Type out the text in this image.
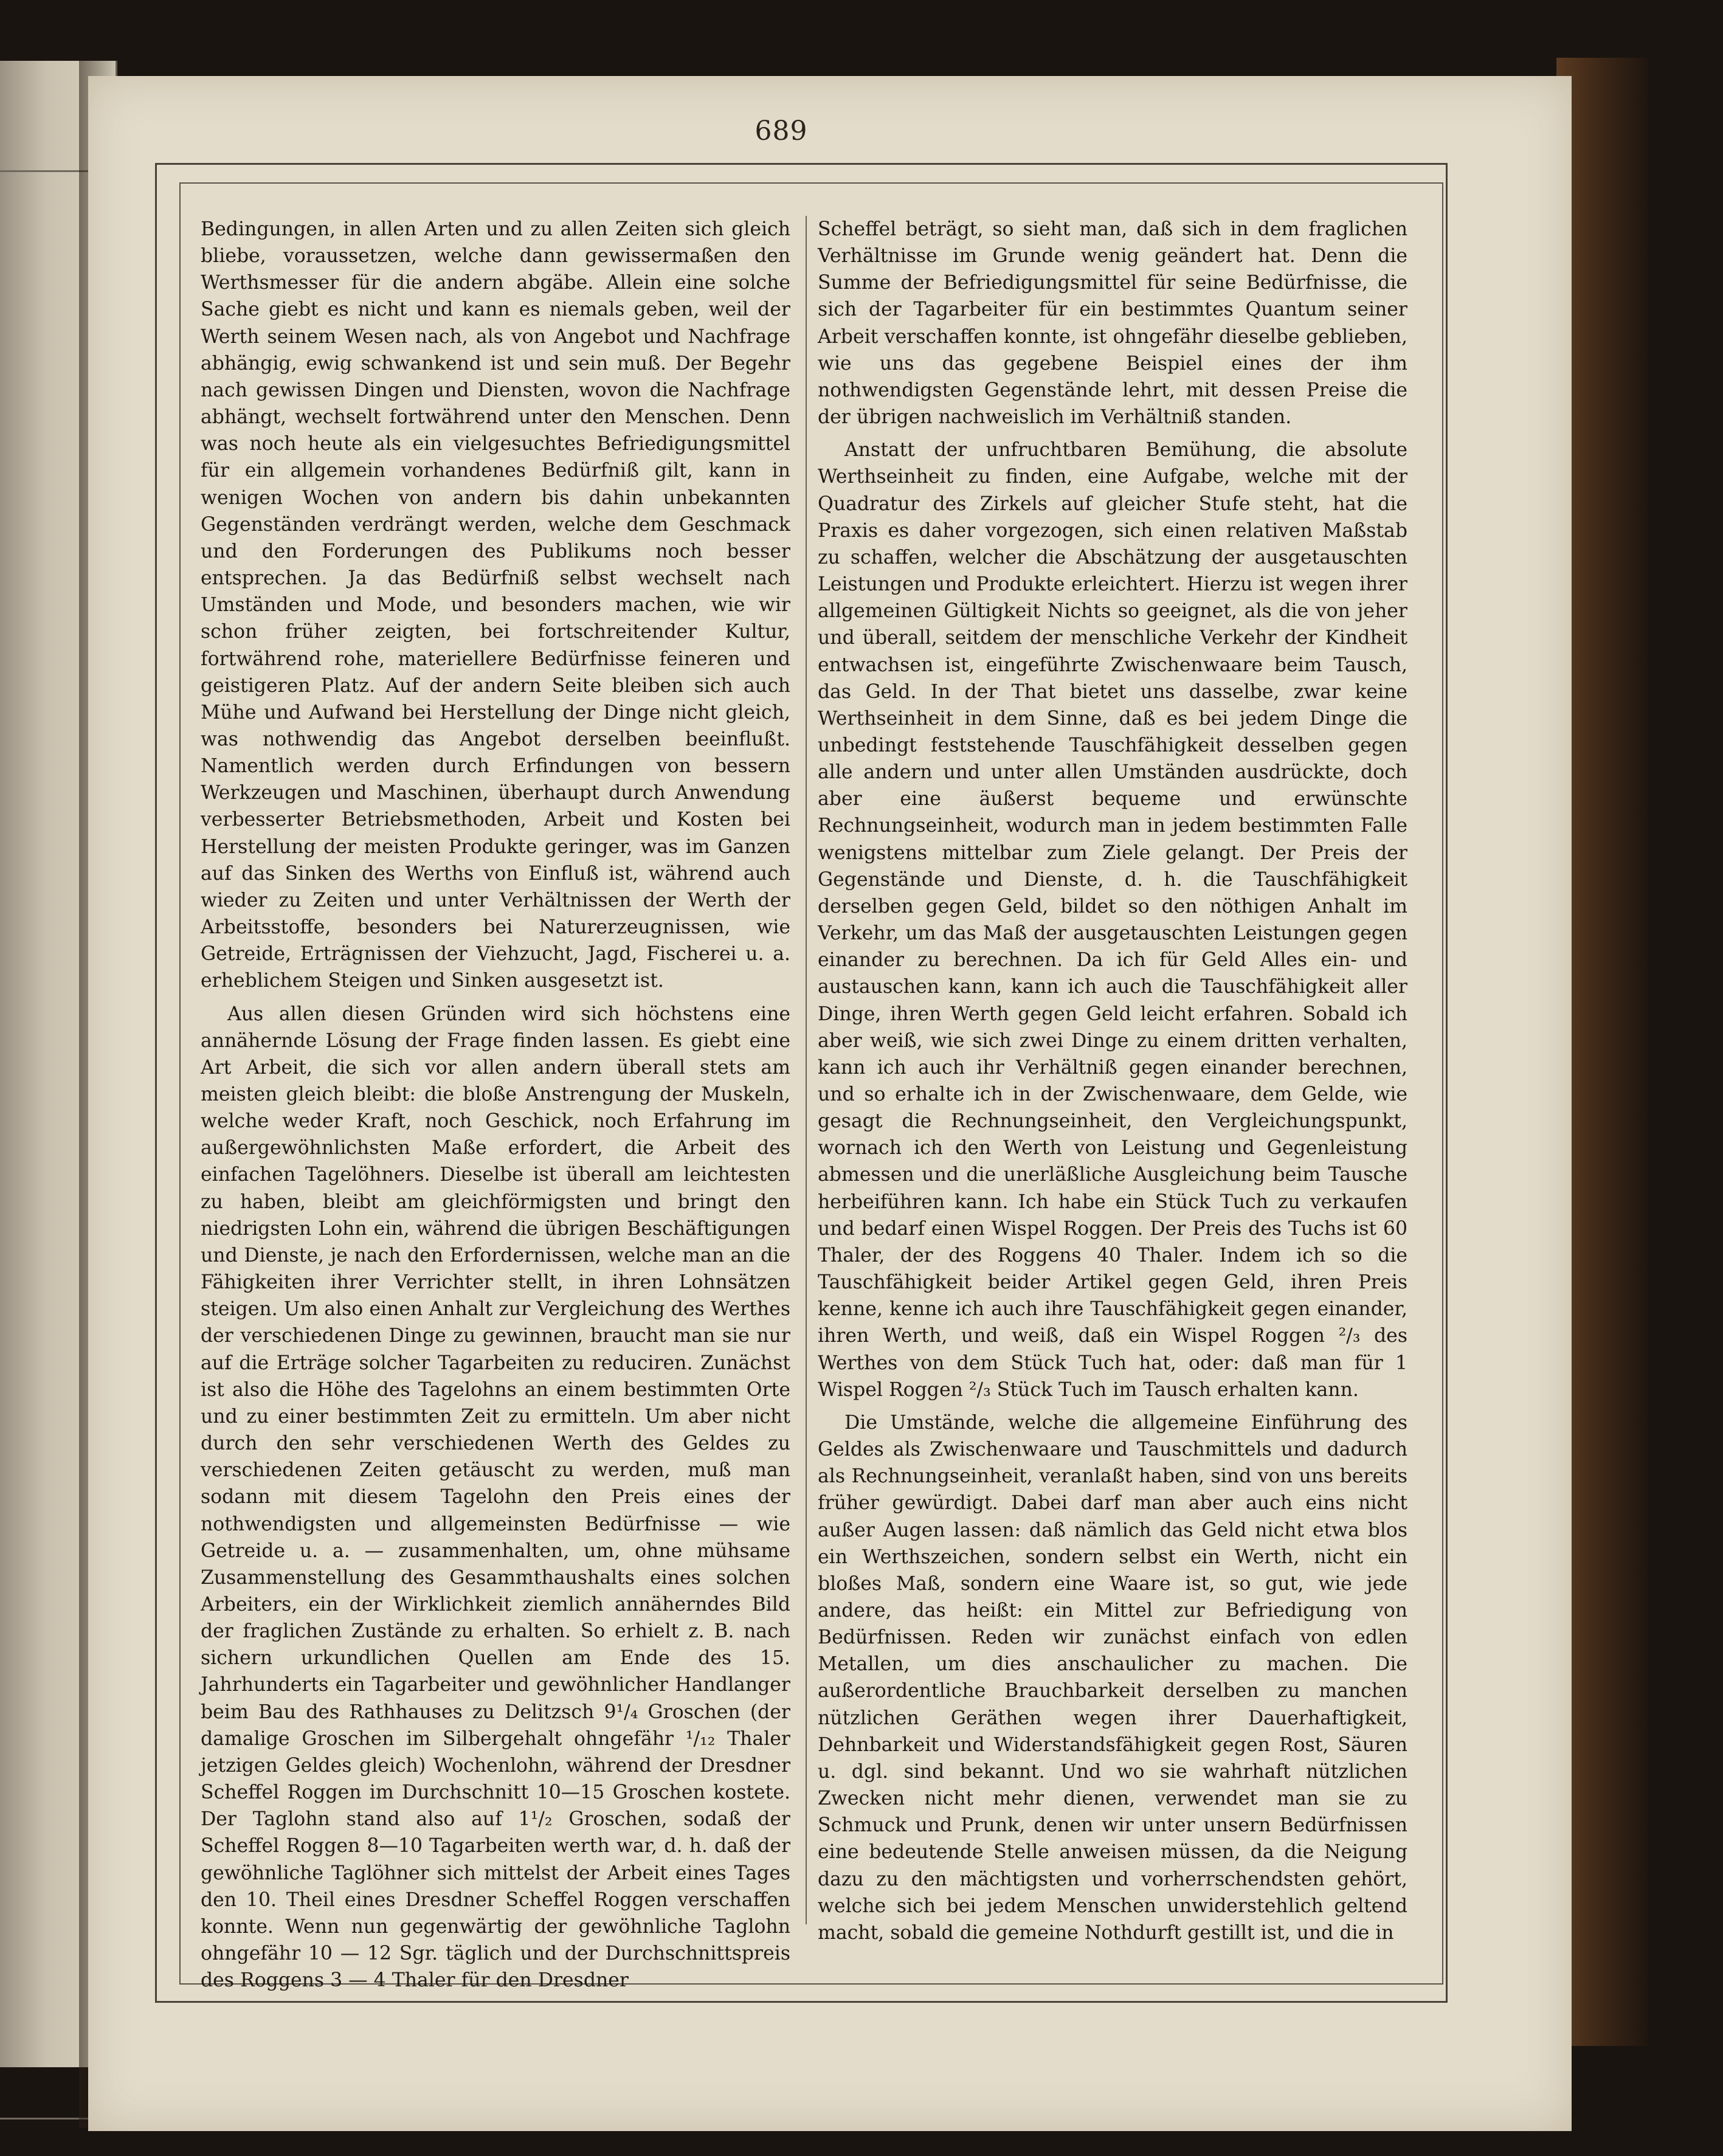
689

Bedingungen, in allen Arten und zu allen Zeiten sich gleich bliebe, voraussetzen, welche dann gewissermaßen den Werthsmesser für die andern abgäbe. Allein eine solche Sache giebt es nicht und kann es niemals geben, weil der Werth seinem Wesen nach, als von Angebot und Nachfrage abhängig, ewig schwankend ist und sein muß. Der Begehr nach gewissen Dingen und Diensten, wovon die Nachfrage abhängt, wechselt fortwährend unter den Menschen. Denn was noch heute als ein vielgesuchtes Befriedigungsmittel für ein allgemein vorhandenes Bedürfniß gilt, kann in wenigen Wochen von andern bis dahin unbekannten Gegenständen verdrängt werden, welche dem Geschmack und den Forderungen des Publikums noch besser entsprechen. Ja das Bedürfniß selbst wechselt nach Umständen und Mode, und besonders machen, wie wir schon früher zeigten, bei fortschreitender Kultur, fortwährend rohe, materiellere Bedürfnisse feineren und geistigeren Platz. Auf der andern Seite bleiben sich auch Mühe und Aufwand bei Herstellung der Dinge nicht gleich, was nothwendig das Angebot derselben beeinflußt. Namentlich werden durch Erfindungen von bessern Werkzeugen und Maschinen, überhaupt durch Anwendung verbesserter Betriebsmethoden, Arbeit und Kosten bei Herstellung der meisten Produkte geringer, was im Ganzen auf das Sinken des Werths von Einfluß ist, während auch wieder zu Zeiten und unter Verhältnissen der Werth der Arbeitsstoffe, besonders bei Naturerzeugnissen, wie Getreide, Erträgnissen der Viehzucht, Jagd, Fischerei u. a. erheblichem Steigen und Sinken ausgesetzt ist.

Aus allen diesen Gründen wird sich höchstens eine annähernde Lösung der Frage finden lassen. Es giebt eine Art Arbeit, die sich vor allen andern überall stets am meisten gleich bleibt: die bloße Anstrengung der Muskeln, welche weder Kraft, noch Geschick, noch Erfahrung im außergewöhnlichsten Maße erfordert, die Arbeit des einfachen Tagelöhners. Dieselbe ist überall am leichtesten zu haben, bleibt am gleichförmigsten und bringt den niedrigsten Lohn ein, während die übrigen Beschäftigungen und Dienste, je nach den Erfordernissen, welche man an die Fähigkeiten ihrer Verrichter stellt, in ihren Lohnsätzen steigen. Um also einen Anhalt zur Vergleichung des Werthes der verschiedenen Dinge zu gewinnen, braucht man sie nur auf die Erträge solcher Tagarbeiten zu reduciren. Zunächst ist also die Höhe des Tagelohns an einem bestimmten Orte und zu einer bestimmten Zeit zu ermitteln. Um aber nicht durch den sehr verschiedenen Werth des Geldes zu verschiedenen Zeiten getäuscht zu werden, muß man sodann mit diesem Tagelohn den Preis eines der nothwendigsten und allgemeinsten Bedürfnisse — wie Getreide u. a. — zusammenhalten, um, ohne mühsame Zusammenstellung des Gesammthaushalts eines solchen Arbeiters, ein der Wirklichkeit ziemlich annäherndes Bild der fraglichen Zustände zu erhalten. So erhielt z. B. nach sichern urkundlichen Quellen am Ende des 15. Jahrhunderts ein Tagarbeiter und gewöhnlicher Handlanger beim Bau des Rathhauses zu Delitzsch 9¹/₄ Groschen (der damalige Groschen im Silbergehalt ohngefähr ¹/₁₂ Thaler jetzigen Geldes gleich) Wochenlohn, während der Dresdner Scheffel Roggen im Durchschnitt 10—15 Groschen kostete. Der Taglohn stand also auf 1¹/₂ Groschen, sodaß der Scheffel Roggen 8—10 Tagarbeiten werth war, d. h. daß der gewöhnliche Taglöhner sich mittelst der Arbeit eines Tages den 10. Theil eines Dresdner Scheffel Roggen verschaffen konnte. Wenn nun gegenwärtig der gewöhnliche Taglohn ohngefähr 10 — 12 Sgr. täglich und der Durchschnittspreis des Roggens 3 — 4 Thaler für den Dresdner

Scheffel beträgt, so sieht man, daß sich in dem fraglichen Verhältnisse im Grunde wenig geändert hat. Denn die Summe der Befriedigungsmittel für seine Bedürfnisse, die sich der Tagarbeiter für ein bestimmtes Quantum seiner Arbeit verschaffen konnte, ist ohngefähr dieselbe geblieben, wie uns das gegebene Beispiel eines der ihm nothwendigsten Gegenstände lehrt, mit dessen Preise die der übrigen nachweislich im Verhältniß standen.

Anstatt der unfruchtbaren Bemühung, die absolute Werthseinheit zu finden, eine Aufgabe, welche mit der Quadratur des Zirkels auf gleicher Stufe steht, hat die Praxis es daher vorgezogen, sich einen relativen Maßstab zu schaffen, welcher die Abschätzung der ausgetauschten Leistungen und Produkte erleichtert. Hierzu ist wegen ihrer allgemeinen Gültigkeit Nichts so geeignet, als die von jeher und überall, seitdem der menschliche Verkehr der Kindheit entwachsen ist, eingeführte Zwischenwaare beim Tausch, das Geld. In der That bietet uns dasselbe, zwar keine Werthseinheit in dem Sinne, daß es bei jedem Dinge die unbedingt feststehende Tauschfähigkeit desselben gegen alle andern und unter allen Umständen ausdrückte, doch aber eine äußerst bequeme und erwünschte Rechnungseinheit, wodurch man in jedem bestimmten Falle wenigstens mittelbar zum Ziele gelangt. Der Preis der Gegenstände und Dienste, d. h. die Tauschfähigkeit derselben gegen Geld, bildet so den nöthigen Anhalt im Verkehr, um das Maß der ausgetauschten Leistungen gegen einander zu berechnen. Da ich für Geld Alles ein- und austauschen kann, kann ich auch die Tauschfähigkeit aller Dinge, ihren Werth gegen Geld leicht erfahren. Sobald ich aber weiß, wie sich zwei Dinge zu einem dritten verhalten, kann ich auch ihr Verhältniß gegen einander berechnen, und so erhalte ich in der Zwischenwaare, dem Gelde, wie gesagt die Rechnungseinheit, den Vergleichungspunkt, wornach ich den Werth von Leistung und Gegenleistung abmessen und die unerläßliche Ausgleichung beim Tausche herbeiführen kann. Ich habe ein Stück Tuch zu verkaufen und bedarf einen Wispel Roggen. Der Preis des Tuchs ist 60 Thaler, der des Roggens 40 Thaler. Indem ich so die Tauschfähigkeit beider Artikel gegen Geld, ihren Preis kenne, kenne ich auch ihre Tauschfähigkeit gegen einander, ihren Werth, und weiß, daß ein Wispel Roggen ²/₃ des Werthes von dem Stück Tuch hat, oder: daß man für 1 Wispel Roggen ²/₃ Stück Tuch im Tausch erhalten kann.

Die Umstände, welche die allgemeine Einführung des Geldes als Zwischenwaare und Tauschmittels und dadurch als Rechnungseinheit, veranlaßt haben, sind von uns bereits früher gewürdigt. Dabei darf man aber auch eins nicht außer Augen lassen: daß nämlich das Geld nicht etwa blos ein Werthszeichen, sondern selbst ein Werth, nicht ein bloßes Maß, sondern eine Waare ist, so gut, wie jede andere, das heißt: ein Mittel zur Befriedigung von Bedürfnissen. Reden wir zunächst einfach von edlen Metallen, um dies anschaulicher zu machen. Die außerordentliche Brauchbarkeit derselben zu manchen nützlichen Geräthen wegen ihrer Dauerhaftigkeit, Dehnbarkeit und Widerstandsfähigkeit gegen Rost, Säuren u. dgl. sind bekannt. Und wo sie wahrhaft nützlichen Zwecken nicht mehr dienen, verwendet man sie zu Schmuck und Prunk, denen wir unter unsern Bedürfnissen eine bedeutende Stelle anweisen müssen, da die Neigung dazu zu den mächtigsten und vorherrschendsten gehört, welche sich bei jedem Menschen unwiderstehlich geltend macht, sobald die gemeine Nothdurft gestillt ist, und die in
